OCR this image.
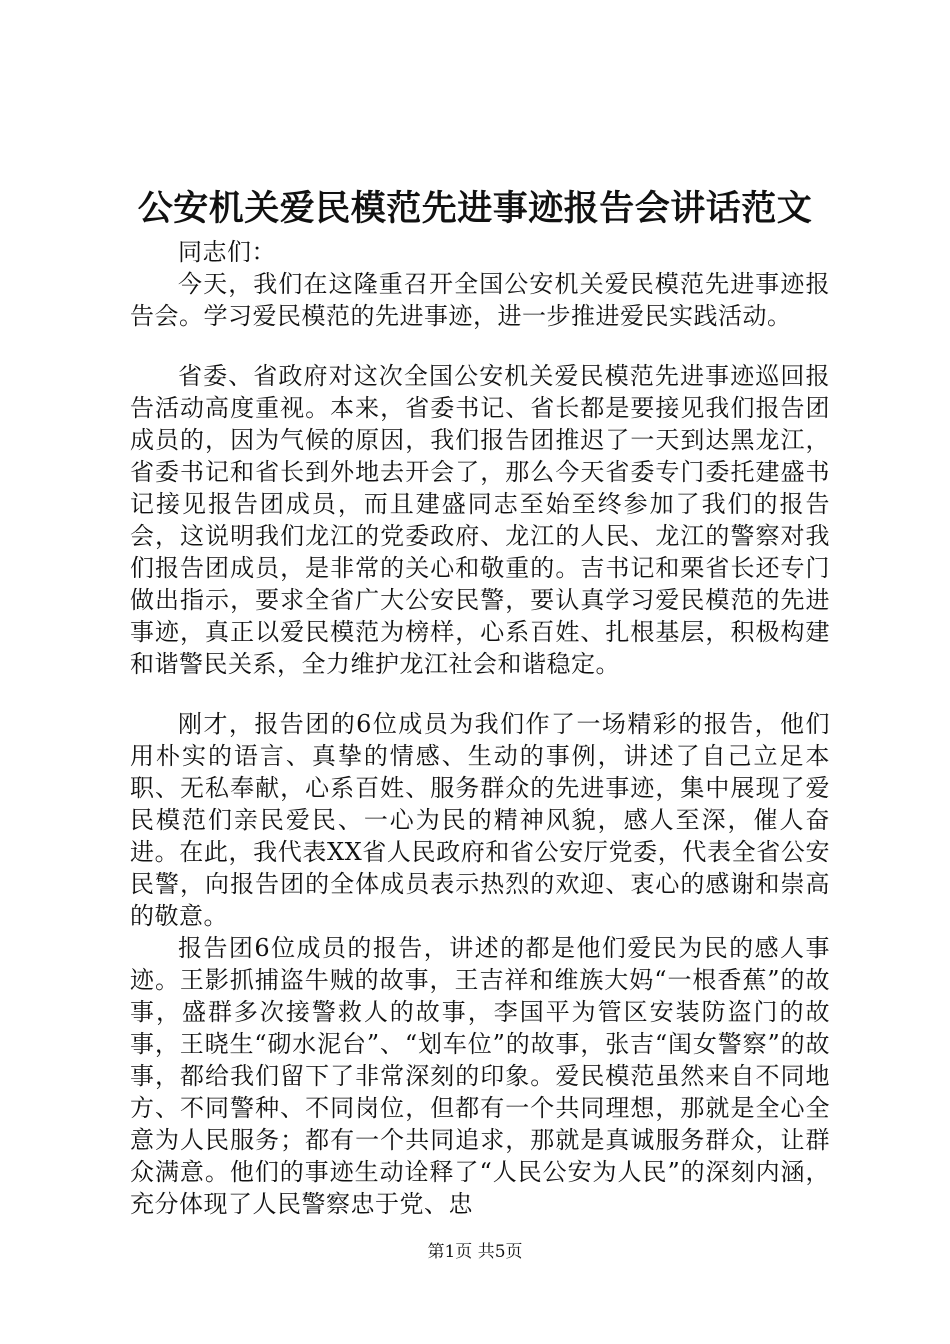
公安机关爱民模范先进事迹报告会讲话范文

同志们：

今天，我们在这隆重召开全国公安机关爱民模范先进事迹报告会。学习爱民模范的先进事迹，进一步推进爱民实践活动。

省委、省政府对这次全国公安机关爱民模范先进事迹巡回报告活动高度重视。本来，省委书记、省长都是要接见我们报告团成员的，因为气候的原因，我们报告团推迟了一天到达黑龙江，省委书记和省长到外地去开会了，那么今天省委专门委托建盛书记接见报告团成员，而且建盛同志至始至终参加了我们的报告会，这说明我们龙江的党委政府、龙江的人民、龙江的警察对我们报告团成员，是非常的关心和敬重的。吉书记和栗省长还专门做出指示，要求全省广大公安民警，要认真学习爱民模范的先进事迹，真正以爱民模范为榜样，心系百姓、扎根基层，积极构建和谐警民关系，全力维护龙江社会和谐稳定。

刚才，报告团的6位成员为我们作了一场精彩的报告，他们用朴实的语言、真挚的情感、生动的事例，讲述了自己立足本职、无私奉献，心系百姓、服务群众的先进事迹，集中展现了爱民模范们亲民爱民、一心为民的精神风貌，感人至深，催人奋进。在此，我代表XX省人民政府和省公安厅党委，代表全省公安民警，向报告团的全体成员表示热烈的欢迎、衷心的感谢和崇高的敬意。

报告团6位成员的报告，讲述的都是他们爱民为民的感人事迹。王影抓捕盗牛贼的故事，王吉祥和维族大妈“一根香蕉”的故事，盛群多次接警救人的故事，李国平为管区安装防盗门的故事，王晓生“砌水泥台”、“划车位”的故事，张吉“闺女警察”的故事，都给我们留下了非常深刻的印象。爱民模范虽然来自不同地方、不同警种、不同岗位，但都有一个共同理想，那就是全心全意为人民服务；都有一个共同追求，那就是真诚服务群众，让群众满意。他们的事迹生动诠释了“人民公安为人民”的深刻内涵，充分体现了人民警察忠于党、忠

第1页 共5页
